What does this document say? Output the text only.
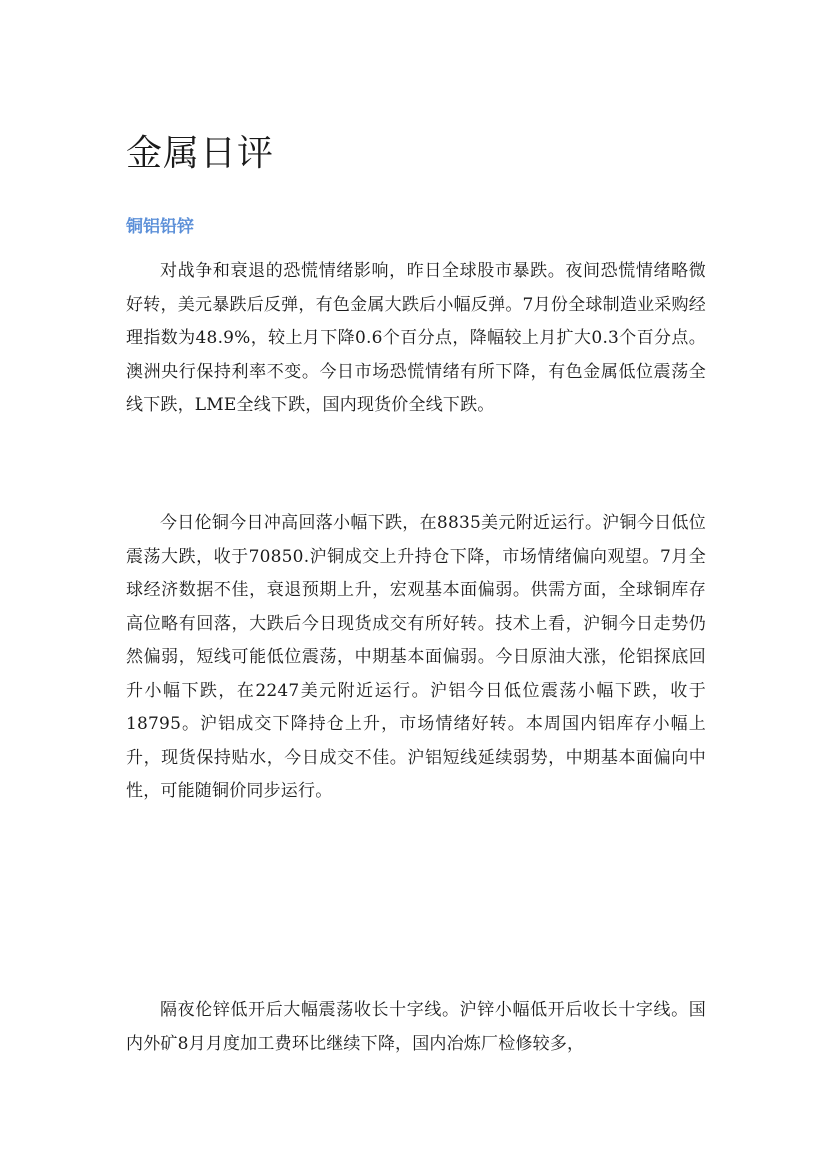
金属日评
铜铝铅锌

对战争和衰退的恐慌情绪影响，昨日全球股市暴跌。夜间恐慌情绪略微好转，美元暴跌后反弹，有色金属大跌后小幅反弹。7月份全球制造业采购经理指数为48.9%，较上月下降0.6个百分点，降幅较上月扩大0.3个百分点。澳洲央行保持利率不变。今日市场恐慌情绪有所下降，有色金属低位震荡全线下跌，LME全线下跌，国内现货价全线下跌。

今日伦铜今日冲高回落小幅下跌，在8835美元附近运行。沪铜今日低位震荡大跌，收于70850.沪铜成交上升持仓下降，市场情绪偏向观望。7月全球经济数据不佳，衰退预期上升，宏观基本面偏弱。供需方面，全球铜库存高位略有回落，大跌后今日现货成交有所好转。技术上看，沪铜今日走势仍然偏弱，短线可能低位震荡，中期基本面偏弱。今日原油大涨，伦铝探底回升小幅下跌，在2247美元附近运行。沪铝今日低位震荡小幅下跌，收于18795。沪铝成交下降持仓上升，市场情绪好转。本周国内铝库存小幅上升，现货保持贴水，今日成交不佳。沪铝短线延续弱势，中期基本面偏向中性，可能随铜价同步运行。

隔夜伦锌低开后大幅震荡收长十字线。沪锌小幅低开后收长十字线。国内外矿8月月度加工费环比继续下降，国内冶炼厂检修较多，
